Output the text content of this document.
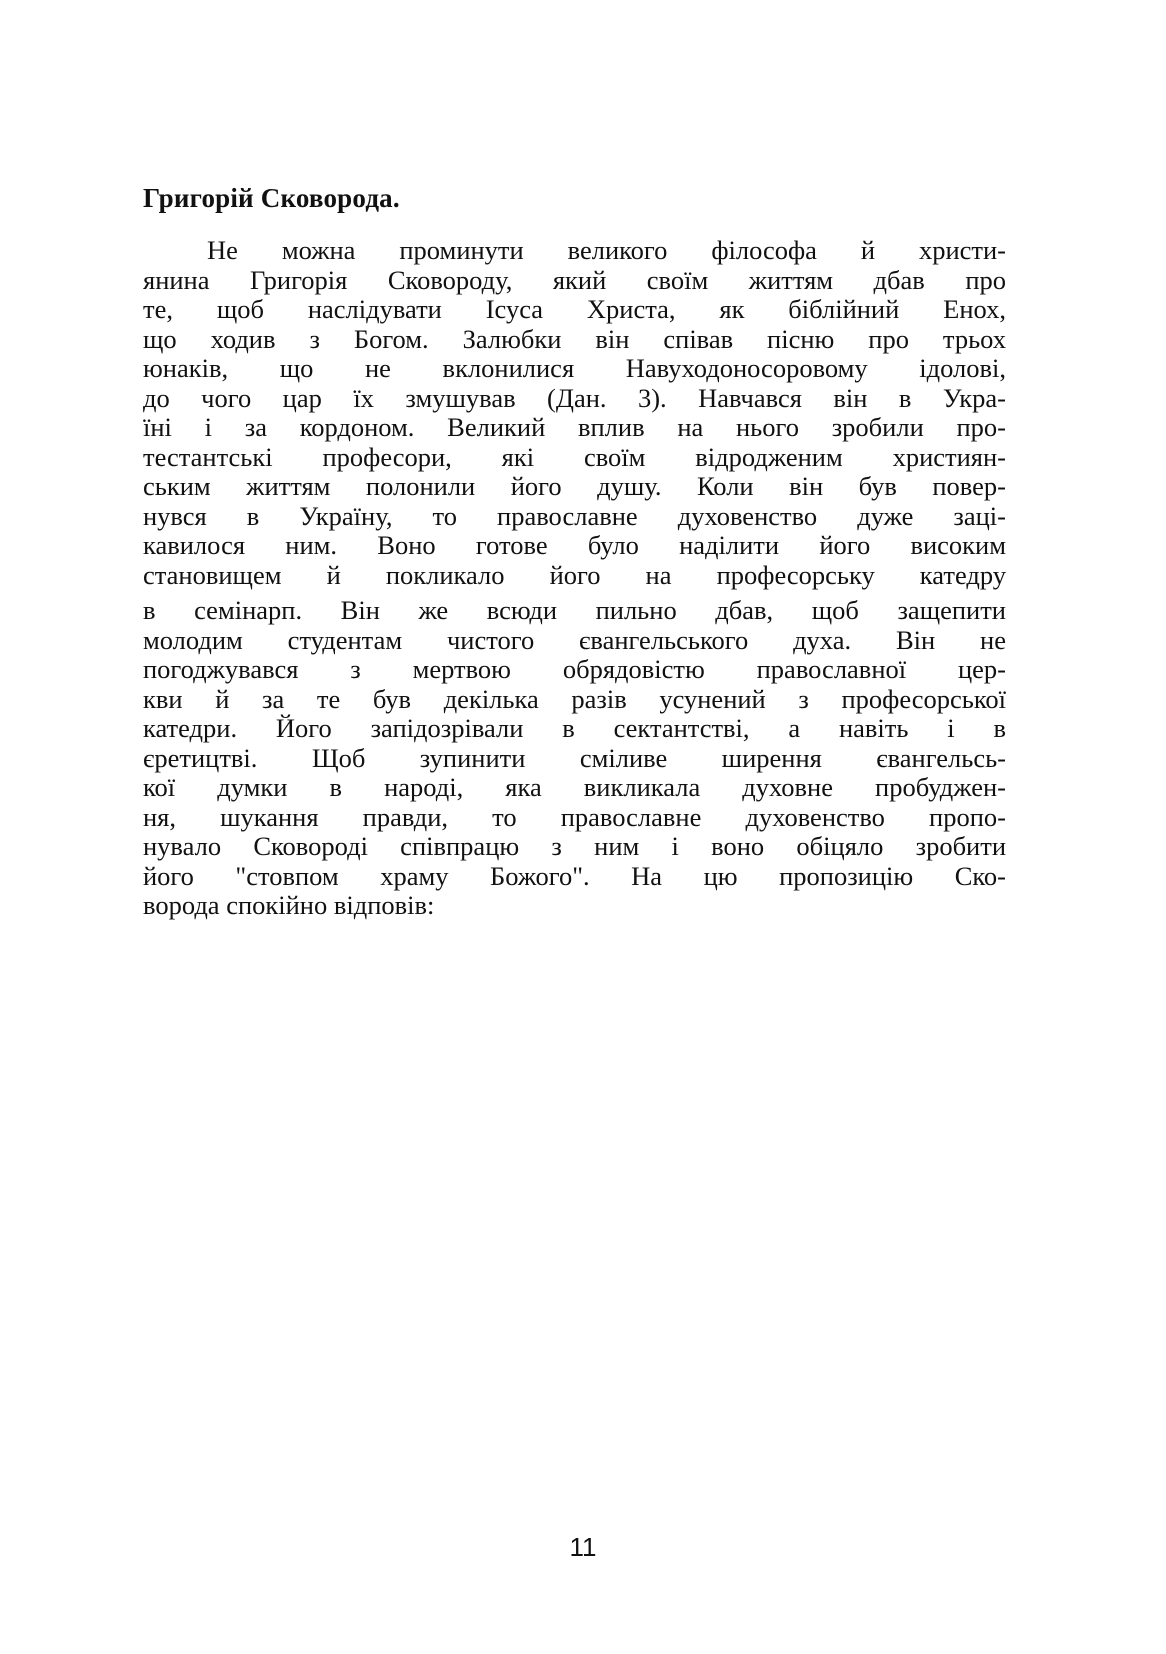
Григорій Сковорода.
Не можна проминути великого філософа й христи-
янина Григорія Сковороду, який своїм життям дбав про
те, щоб наслідувати Ісуса Христа, як біблійний Енох,
що ходив з Богом. Залюбки він співав пісню про трьох
юнаків, що не вклонилися Навуходоносоровому ідолові,
до чого цар їх змушував (Дан. 3). Навчався він в Укра-
їні і за кордоном. Великий вплив на нього зробили про-
тестантські професори, які своїм відродженим християн-
ським життям полонили його душу. Коли він був повер-
нувся в Україну, то православне духовенство дуже заці-
кавилося ним. Воно готове було наділити його високим
становищем й покликало його на професорську катедру
в семінарп. Він же всюди пильно дбав, щоб защепити
молодим студентам чистого євангельського духа. Він не
погоджувався з мертвою обрядовістю православної цер-
кви й за те був декілька разів усунений з професорської
катедри. Його запідозрівали в сектантстві, а навіть і в
єретицтві. Щоб зупинити сміливе ширення євангельсь-
кої думки в народі, яка викликала духовне пробуджен-
ня, шукання правди, то православне духовенство пропо-
нувало Сковороді співпрацю з ним і воно обіцяло зробити
його "стовпом храму Божого". На цю пропозицію Ско-
ворода спокійно відповів:

11
